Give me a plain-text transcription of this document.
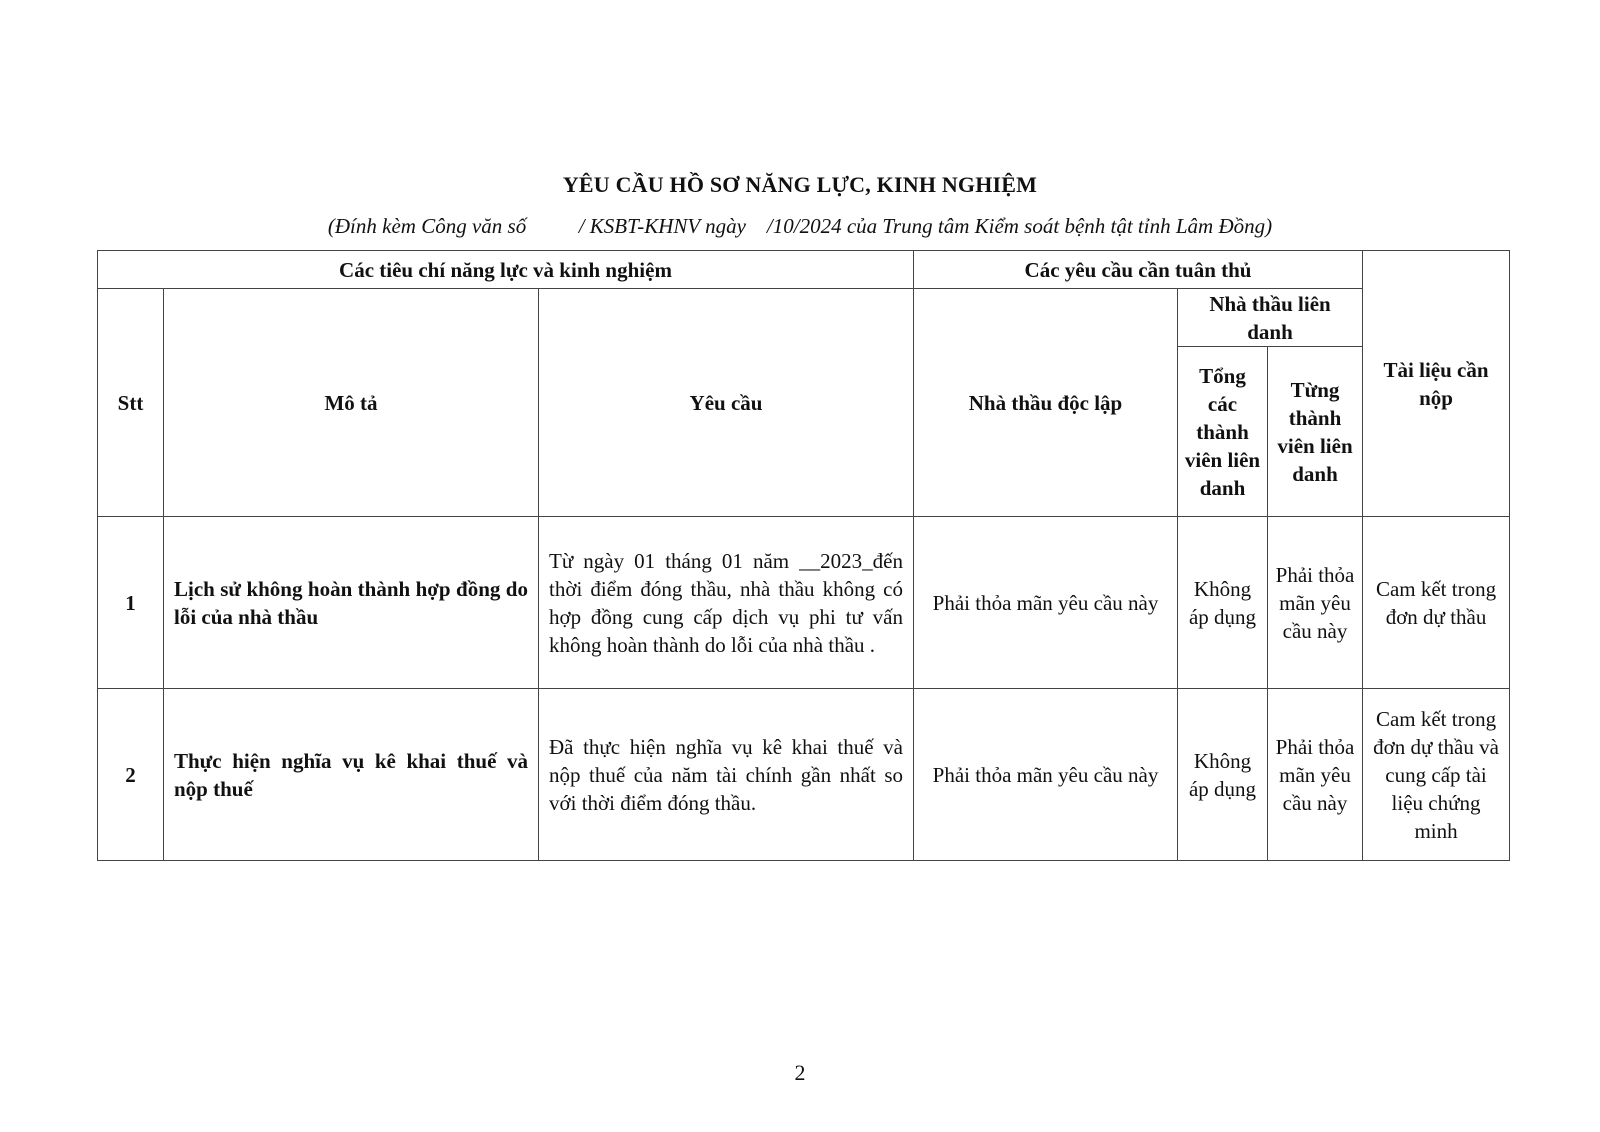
YÊU CẦU HỒ SƠ NĂNG LỰC, KINH NGHIỆM
(Đính kèm Công văn số          / KSBT-KHNV ngày    /10/2024 của Trung tâm Kiểm soát bệnh tật tỉnh Lâm Đồng)
Các tiêu chí năng lực và kinh nghiệm			Các yêu cầu cần tuân thủ			Tài liệu cần nộp
Stt	Mô tả	Yêu cầu	Nhà thầu độc lập	Nhà thầu liên danh		
				Tổng các thành viên liên danh	Từng thành viên liên danh	
1	Lịch sử không hoàn thành hợp đồng do lỗi của nhà thầu	Từ ngày 01 tháng 01 năm __2023_đến thời điểm đóng thầu, nhà thầu không có hợp đồng cung cấp dịch vụ phi tư vấn không hoàn thành do lỗi của nhà thầu .	Phải thỏa mãn yêu cầu này	Không áp dụng	Phải thỏa mãn yêu cầu này	Cam kết trong đơn dự thầu
2	Thực hiện nghĩa vụ kê khai thuế và nộp thuế	Đã thực hiện nghĩa vụ kê khai thuế và nộp thuế của năm tài chính gần nhất so với thời điểm đóng thầu.	Phải thỏa mãn yêu cầu này	Không áp dụng	Phải thỏa mãn yêu cầu này	Cam kết trong đơn dự thầu và cung cấp tài liệu chứng minh
2
